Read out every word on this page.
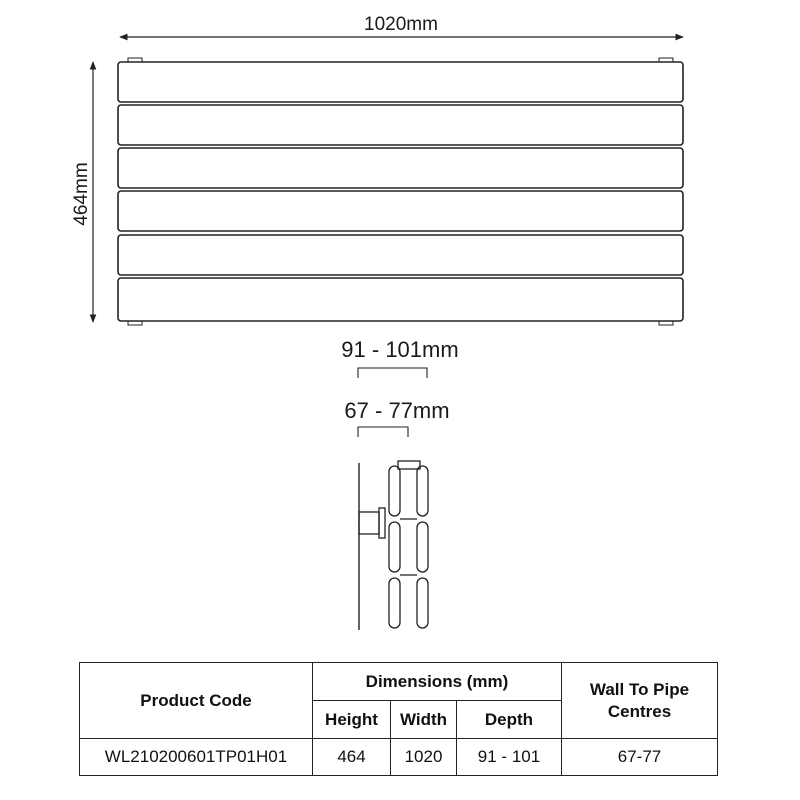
1020mm
464mm
91 - 101mm
67 - 77mm
Product Code	Dimensions (mm)			Wall To Pipe Centres
	Height	Width	Depth	
WL210200601TP01H01	464	1020	91 - 101	67-77
